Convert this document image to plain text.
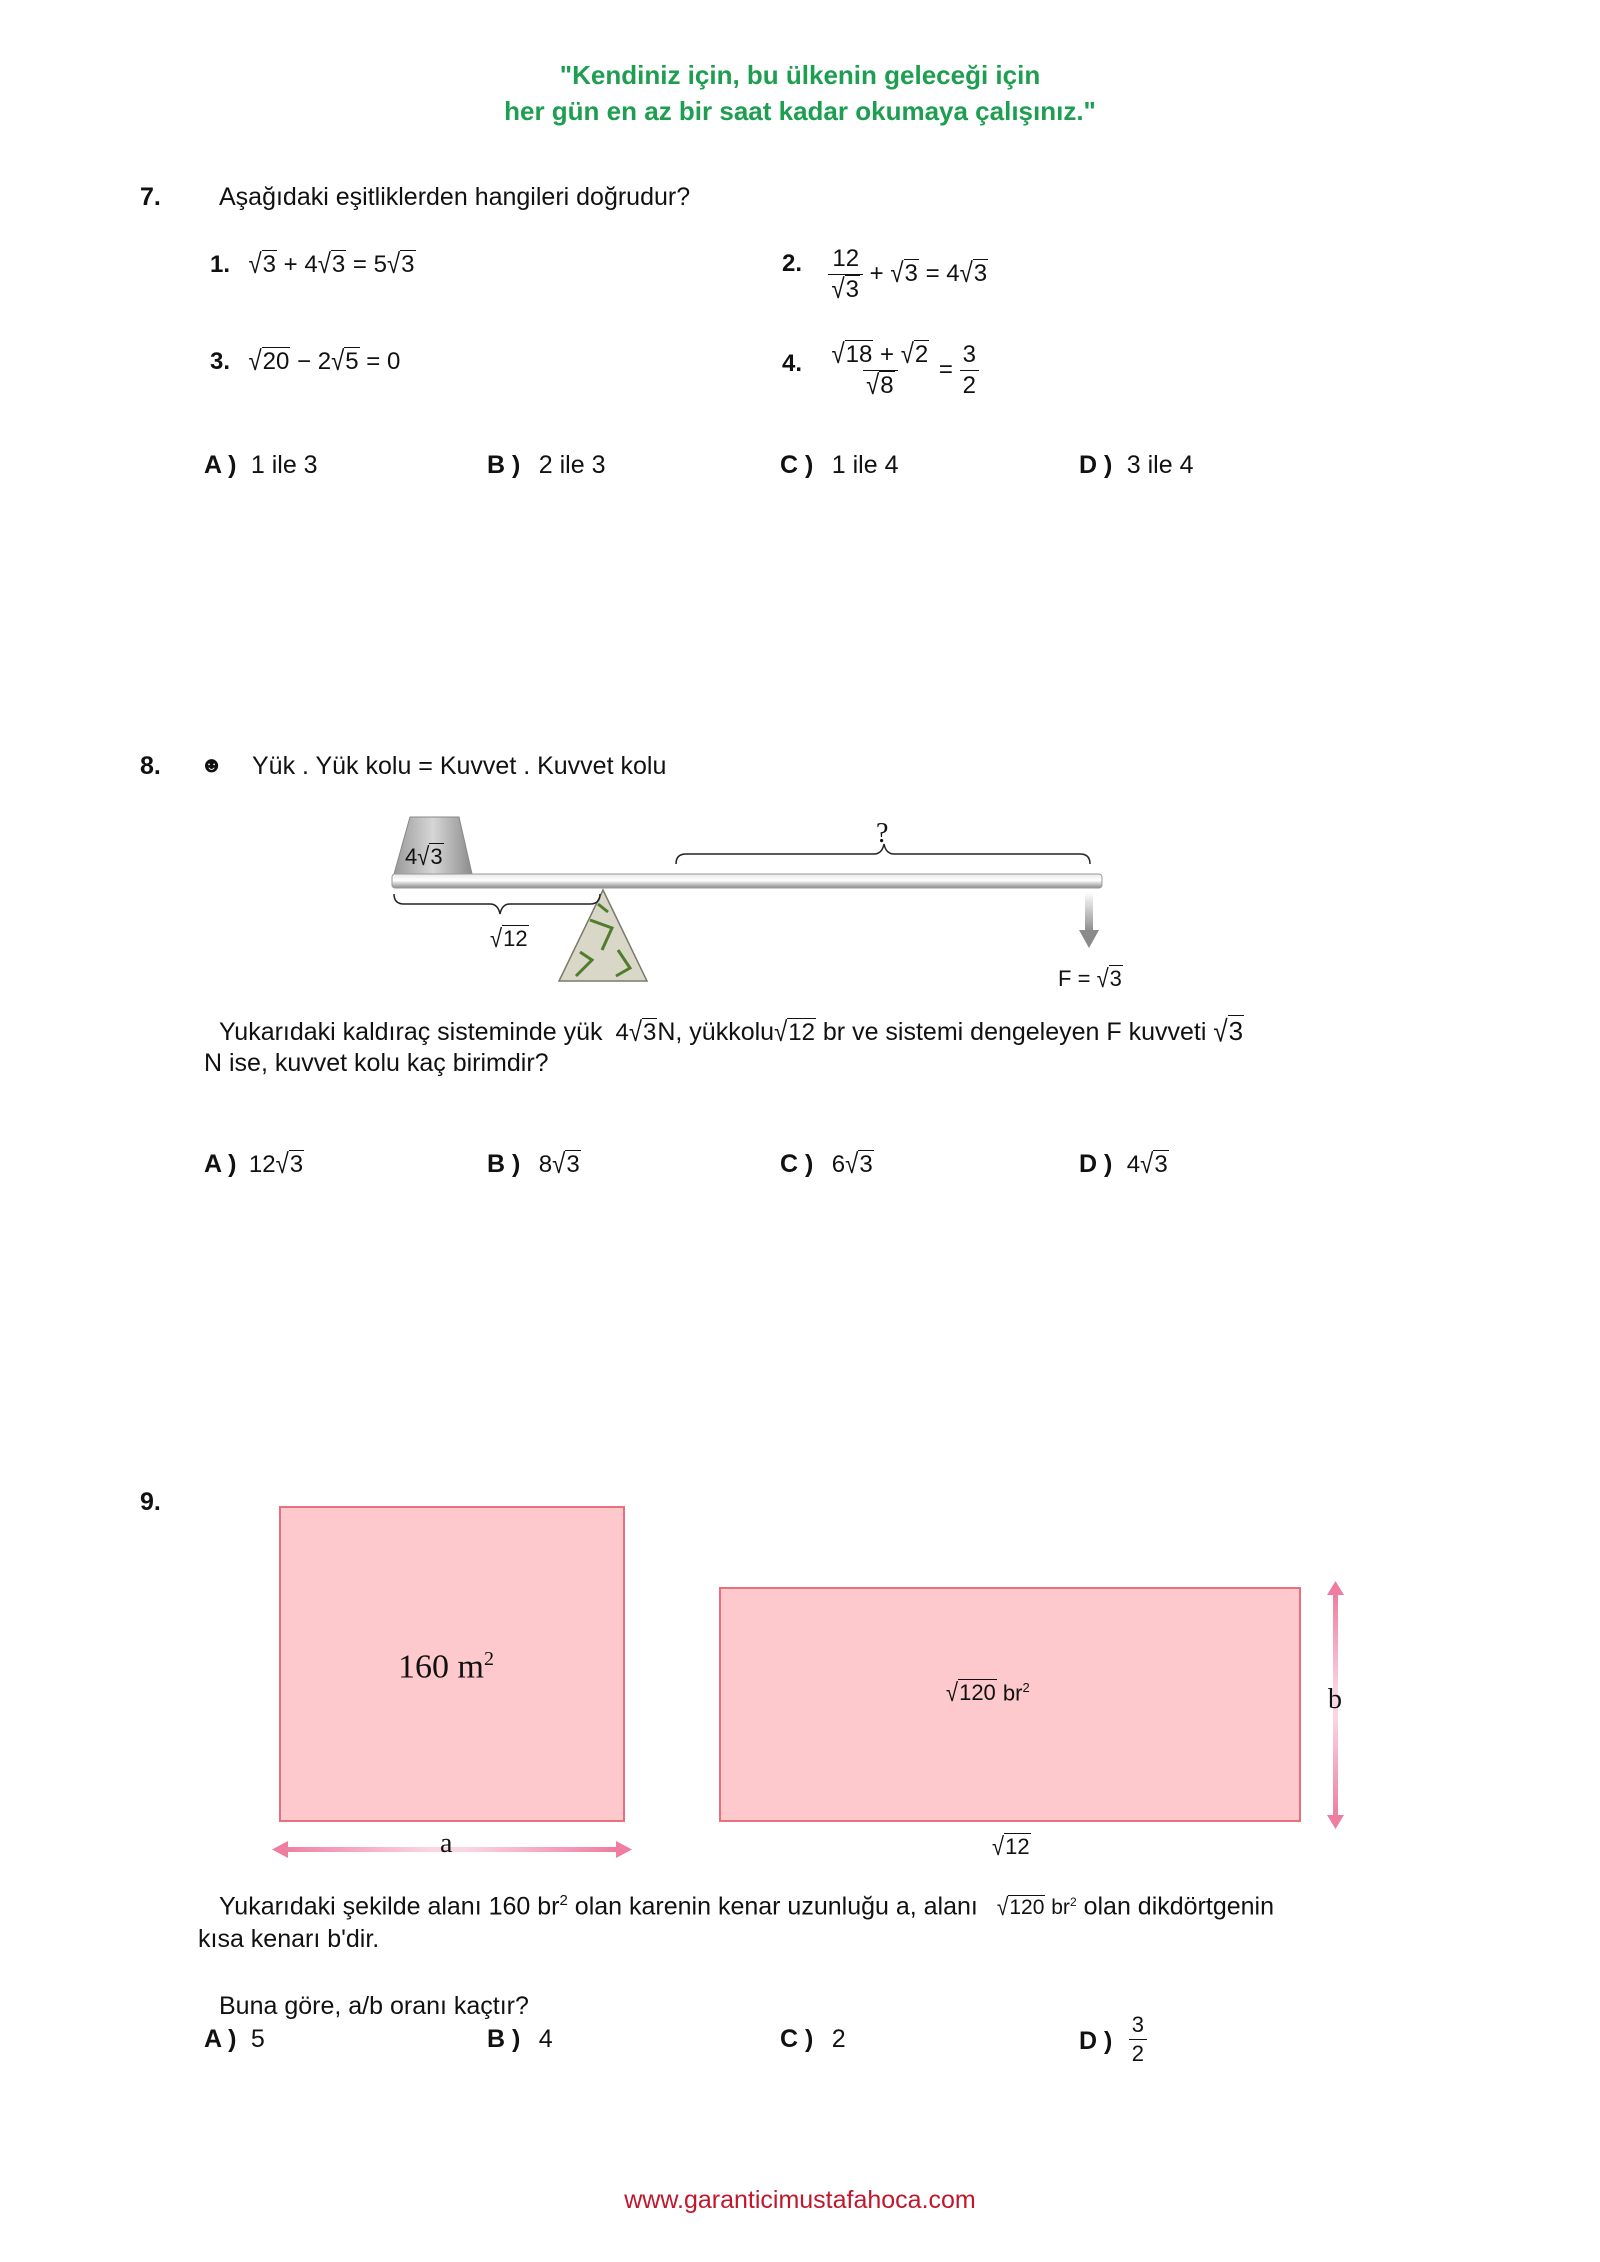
"Kendiniz için, bu ülkenin geleceği için
her gün en az bir saat kadar okumaya çalışınız."
7. Aşağıdaki eşitliklerden hangileri doğrudur?
1. √3 + 4√3 = 5√3	2. $\frac{12}{√3} + √3 = 4√3$
3. √20 − 2√5 = 0	4. $\frac{√18 + √2}{√8} = \frac{3}{2}$
A ) 1 ile 3	B ) 2 ile 3	C ) 1 ile 4	D ) 3 ile 4
8. ☻ Yük . Yük kolu = Kuvvet . Kuvvet kolu
4√3
√12
?
F = √3
Yukarıdaki kaldıraç sisteminde yük 4√3N, yükkolu√12 br ve sistemi dengeleyen F kuvveti √3
N ise, kuvvet kolu kaç birimdir?
A ) 12√3	B ) 8√3	C ) 6√3	D ) 4√3
9.
160 $m^2$
a
√120 $br^2$	b
√12
Yukarıdaki şekilde alanı 160 $br^2$ olan karenin kenar uzunluğu a, alanı √120 $br^2$ olan dikdörtgenin
kısa kenarı b'dir.
Buna göre, a/b oranı kaçtır?
A ) 5	B ) 4	C ) 2	D ) $\frac{3}{2}$
www.garanticimustafahoca.com
